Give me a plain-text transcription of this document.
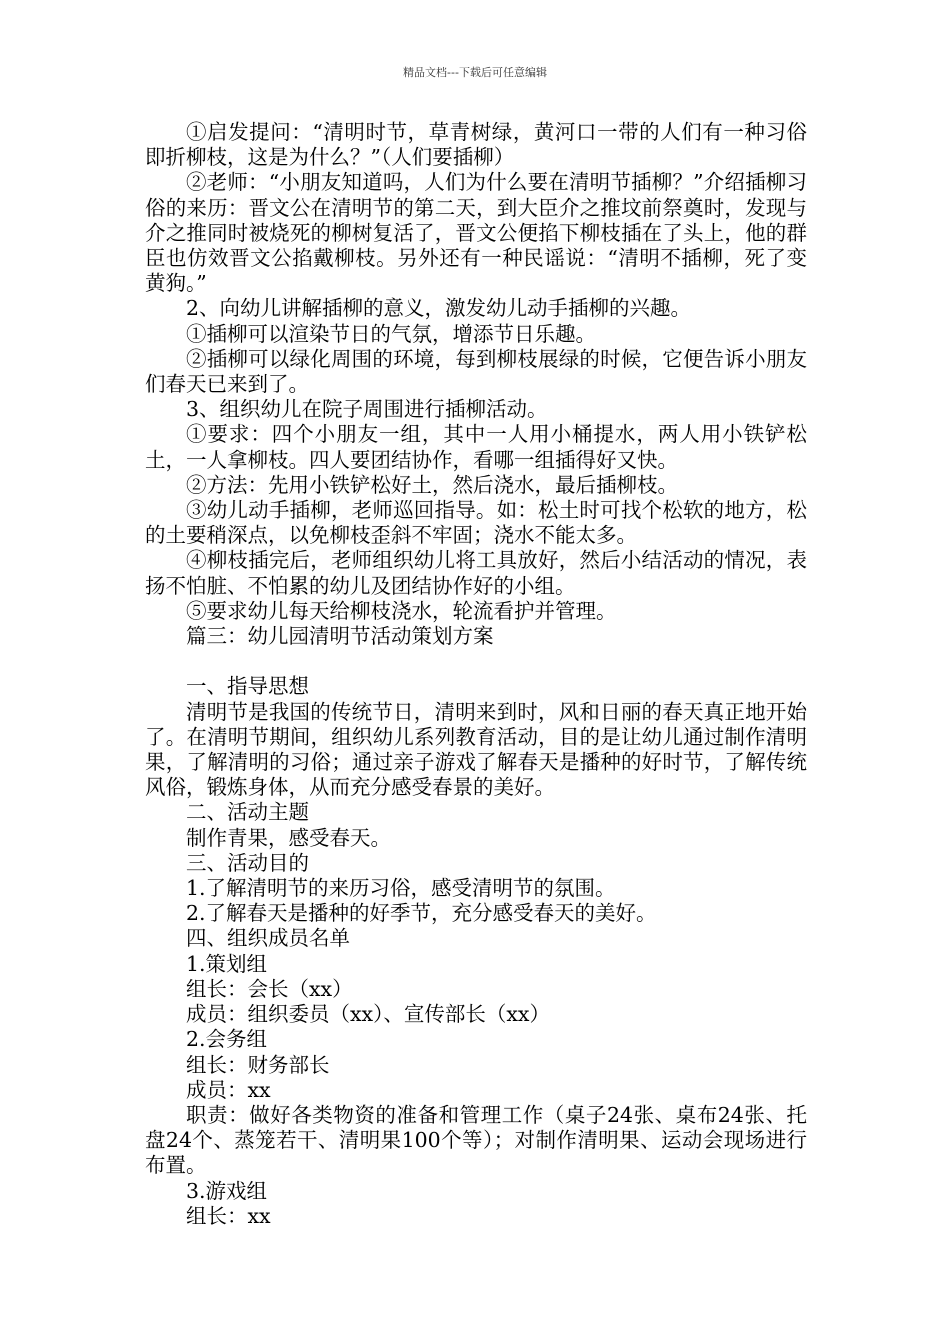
精品文档---下载后可任意编辑

①启发提问：“清明时节，草青树绿，黄河口一带的人们有一种习俗即折柳枝，这是为什么？”（人们要插柳）

②老师：“小朋友知道吗，人们为什么要在清明节插柳？”介绍插柳习俗的来历：晋文公在清明节的第二天，到大臣介之推坟前祭奠时，发现与介之推同时被烧死的柳树复活了，晋文公便掐下柳枝插在了头上，他的群臣也仿效晋文公掐戴柳枝。另外还有一种民谣说：“清明不插柳，死了变黄狗。”

2、向幼儿讲解插柳的意义，激发幼儿动手插柳的兴趣。

①插柳可以渲染节日的气氛，增添节日乐趣。

②插柳可以绿化周围的环境，每到柳枝展绿的时候，它便告诉小朋友们春天已来到了。

3、组织幼儿在院子周围进行插柳活动。

①要求：四个小朋友一组，其中一人用小桶提水，两人用小铁铲松土，一人拿柳枝。四人要团结协作，看哪一组插得好又快。

②方法：先用小铁铲松好土，然后浇水，最后插柳枝。

③幼儿动手插柳，老师巡回指导。如：松土时可找个松软的地方，松的土要稍深点，以免柳枝歪斜不牢固；浇水不能太多。

④柳枝插完后，老师组织幼儿将工具放好，然后小结活动的情况，表扬不怕脏、不怕累的幼儿及团结协作好的小组。

⑤要求幼儿每天给柳枝浇水，轮流看护并管理。

篇三：幼儿园清明节活动策划方案

一、指导思想

清明节是我国的传统节日，清明来到时，风和日丽的春天真正地开始了。在清明节期间，组织幼儿系列教育活动，目的是让幼儿通过制作清明果，了解清明的习俗；通过亲子游戏了解春天是播种的好时节，了解传统风俗，锻炼身体，从而充分感受春景的美好。

二、活动主题

制作青果，感受春天。

三、活动目的

1.了解清明节的来历习俗，感受清明节的氛围。

2.了解春天是播种的好季节，充分感受春天的美好。

四、组织成员名单

1.策划组

组长：会长（xx）

成员：组织委员（xx）、宣传部长（xx）

2.会务组

组长：财务部长

成员：xx

职责：做好各类物资的准备和管理工作（桌子24张、桌布24张、托盘24个、蒸笼若干、清明果100个等）；对制作清明果、运动会现场进行布置。

3.游戏组

组长：xx
